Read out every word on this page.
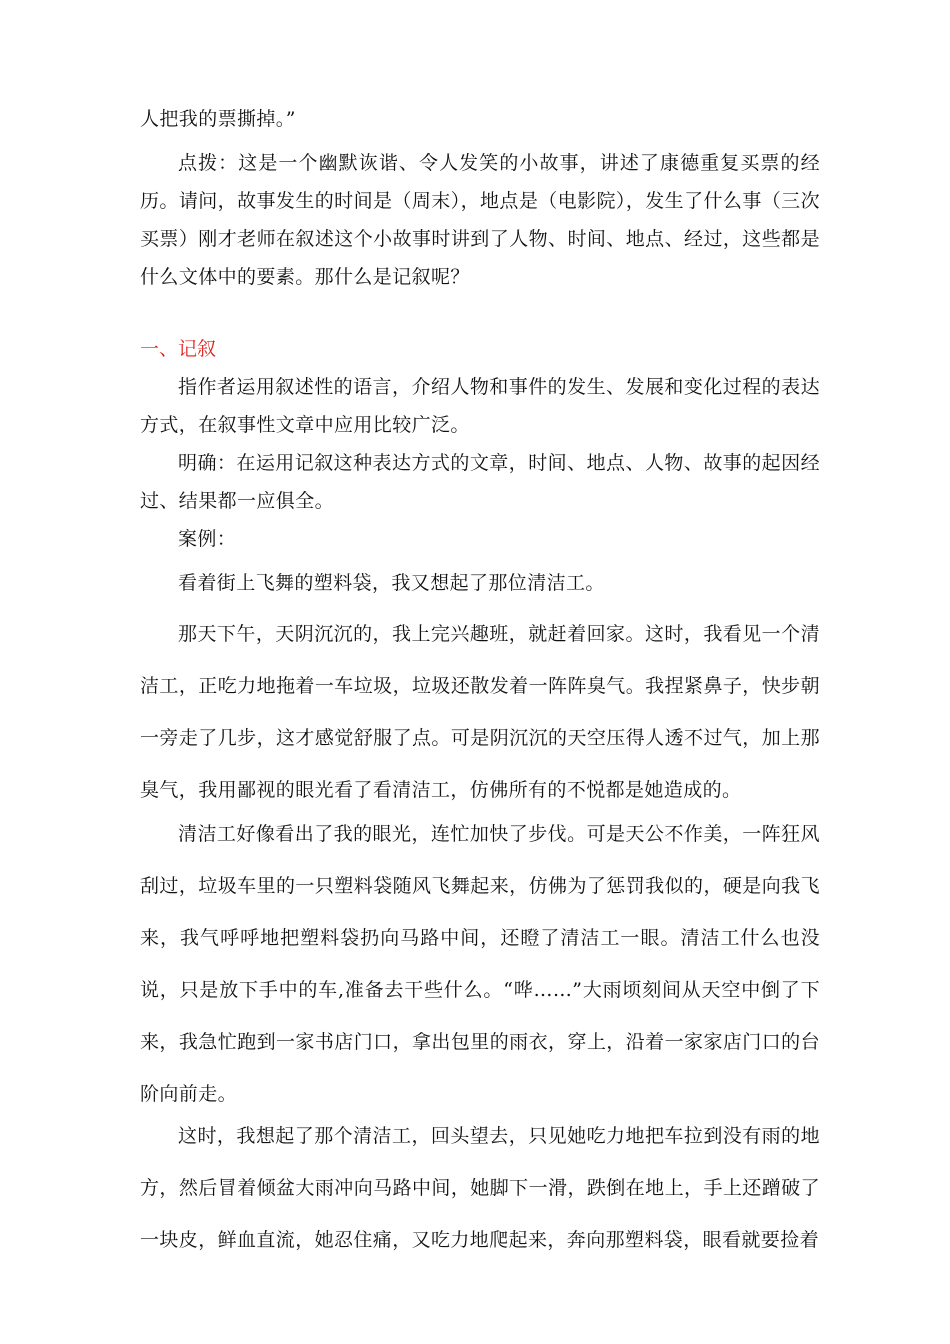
人把我的票撕掉。”

点拨：这是一个幽默诙谐、令人发笑的小故事，讲述了康德重复买票的经历。请问，故事发生的时间是（周末），地点是（电影院），发生了什么事（三次买票）刚才老师在叙述这个小故事时讲到了人物、时间、地点、经过，这些都是什么文体中的要素。那什么是记叙呢？

一、记叙

指作者运用叙述性的语言，介绍人物和事件的发生、发展和变化过程的表达方式，在叙事性文章中应用比较广泛。

明确：在运用记叙这种表达方式的文章，时间、地点、人物、故事的起因经过、结果都一应俱全。

案例：

看着街上飞舞的塑料袋，我又想起了那位清洁工。

那天下午，天阴沉沉的，我上完兴趣班，就赶着回家。这时，我看见一个清洁工，正吃力地拖着一车垃圾，垃圾还散发着一阵阵臭气。我捏紧鼻子，快步朝一旁走了几步，这才感觉舒服了点。可是阴沉沉的天空压得人透不过气，加上那臭气，我用鄙视的眼光看了看清洁工，仿佛所有的不悦都是她造成的。

清洁工好像看出了我的眼光，连忙加快了步伐。可是天公不作美，一阵狂风刮过，垃圾车里的一只塑料袋随风飞舞起来，仿佛为了惩罚我似的，硬是向我飞来，我气呼呼地把塑料袋扔向马路中间，还瞪了清洁工一眼。清洁工什么也没说，只是放下手中的车,准备去干些什么。“哗……”大雨顷刻间从天空中倒了下来，我急忙跑到一家书店门口，拿出包里的雨衣，穿上，沿着一家家店门口的台阶向前走。

这时，我想起了那个清洁工，回头望去，只见她吃力地把车拉到没有雨的地方，然后冒着倾盆大雨冲向马路中间，她脚下一滑，跌倒在地上，手上还蹭破了一块皮，鲜血直流，她忍住痛，又吃力地爬起来，奔向那塑料袋，眼看就要捡着
